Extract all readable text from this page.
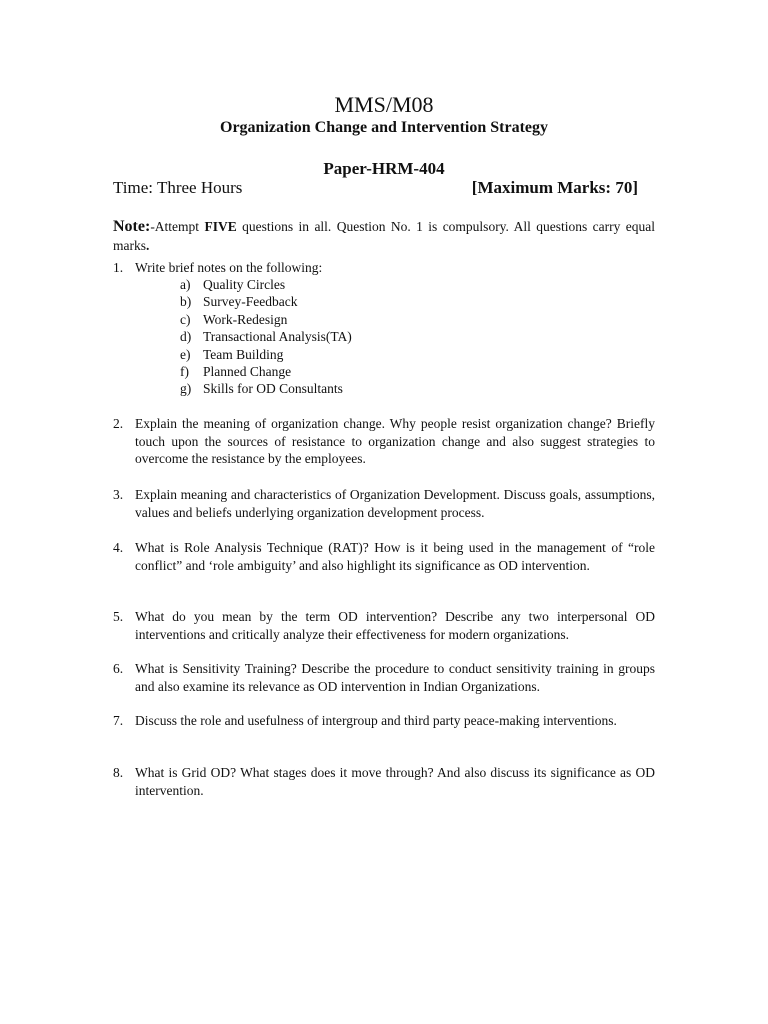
MMS/M08
Organization Change and Intervention Strategy
Paper-HRM-404
Time: Three Hours	[Maximum Marks: 70]
Note:-Attempt FIVE questions in all. Question No. 1 is compulsory. All questions carry equal marks.
1. Write brief notes on the following:
a) Quality Circles
b) Survey-Feedback
c) Work-Redesign
d) Transactional Analysis(TA)
e) Team Building
f) Planned Change
g) Skills for OD Consultants
2. Explain the meaning of organization change. Why people resist organization change? Briefly touch upon the sources of resistance to organization change and also suggest strategies to overcome the resistance by the employees.
3. Explain meaning and characteristics of Organization Development. Discuss goals, assumptions, values and beliefs underlying organization development process.
4. What is Role Analysis Technique (RAT)? How is it being used in the management of “role conflict” and ‘role ambiguity’ and also highlight its significance as OD intervention.
5. What do you mean by the term OD intervention? Describe any two interpersonal OD interventions and critically analyze their effectiveness for modern organizations.
6. What is Sensitivity Training? Describe the procedure to conduct sensitivity training in groups and also examine its relevance as OD intervention in Indian Organizations.
7. Discuss the role and usefulness of intergroup and third party peace-making interventions.
8. What is Grid OD? What stages does it move through? And also discuss its significance as OD intervention.
